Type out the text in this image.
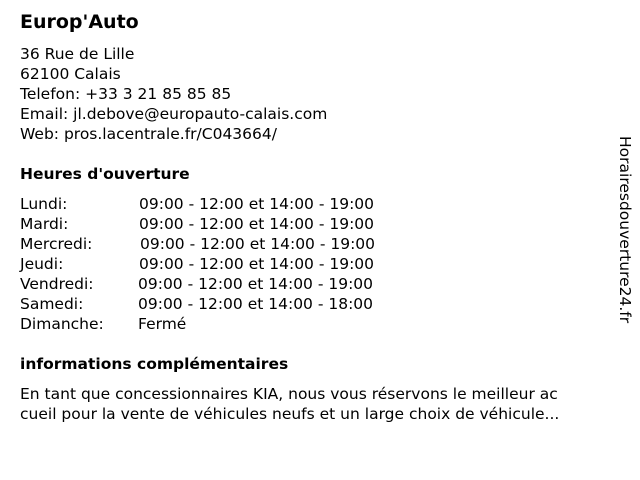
Europ'Auto
36 Rue de Lille
62100 Calais
Telefon: +33 3 21 85 85 85
Email: jl.debove@europauto-calais.com
Web: pros.lacentrale.fr/C043664/
Heures d'ouverture
Lundi:	09:00 - 12:00 et 14:00 - 19:00
Mardi:	09:00 - 12:00 et 14:00 - 19:00
Mercredi:	09:00 - 12:00 et 14:00 - 19:00
Jeudi:	09:00 - 12:00 et 14:00 - 19:00
Vendredi:	09:00 - 12:00 et 14:00 - 19:00
Samedi:	09:00 - 12:00 et 14:00 - 18:00
Dimanche: Fermé
informations complémentaires
En tant que concessionnaires KIA, nous vous réservons le meilleur ac
cueil pour la vente de véhicules neufs et un large choix de véhicule...
Horairesdouverture24.fr
